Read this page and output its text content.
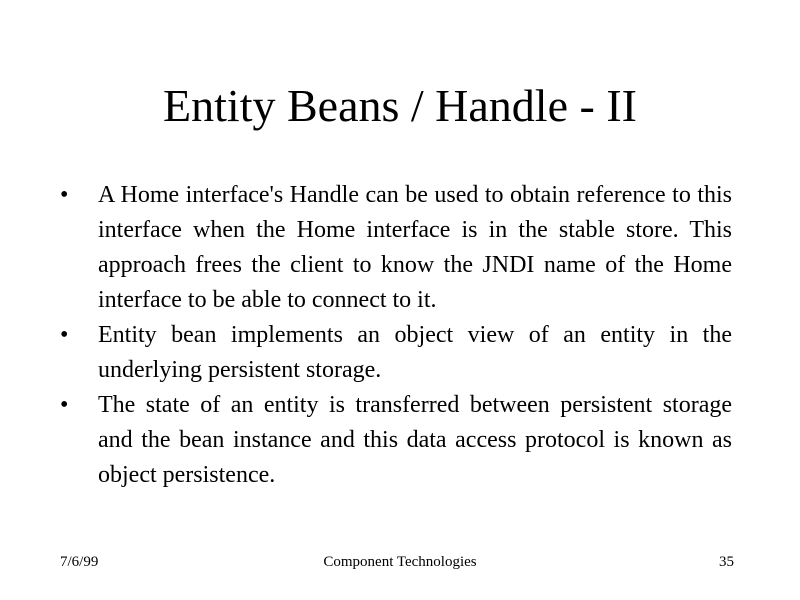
Entity Beans / Handle - II
•	A Home interface's Handle can be used to obtain reference to this interface when the Home interface is in the stable store. This approach frees the client to know the JNDI name of the Home interface to be able to connect to it.
•	Entity bean implements an object view of an entity in the underlying persistent storage.
•	The state of an entity is transferred between persistent storage and the bean instance and this data access protocol is known as object persistence.
7/6/99	Component Technologies	35
